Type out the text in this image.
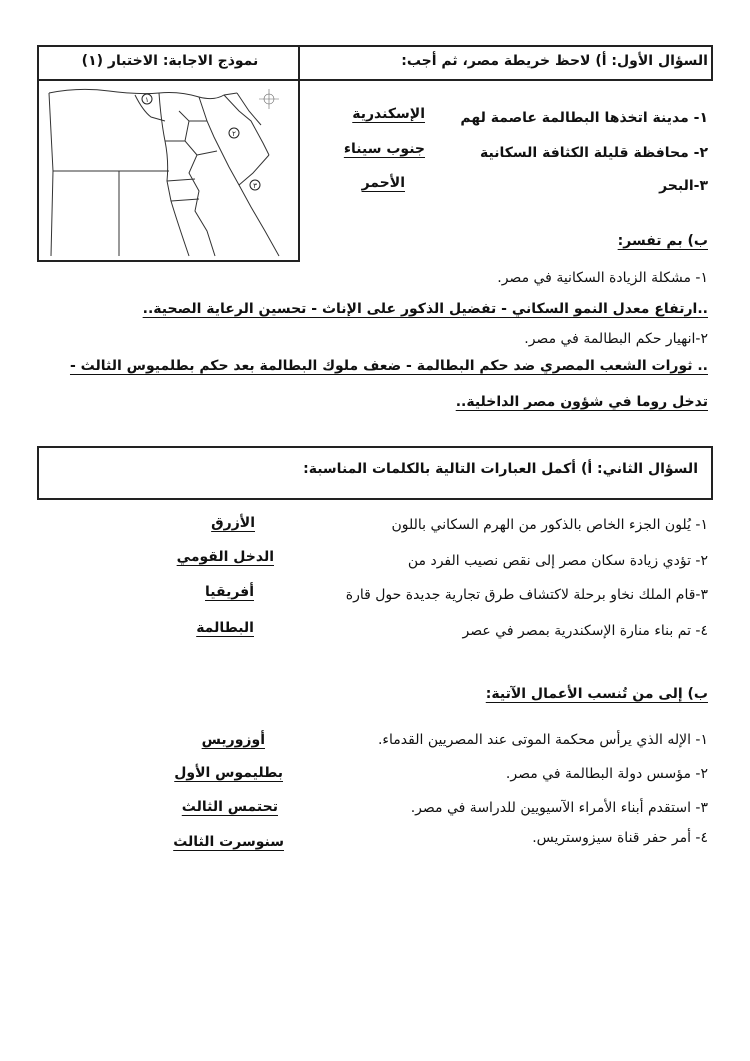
نموذج الاجابة: الاختبار (١)	السؤال الأول: أ) لاحظ خريطة مصر، ثم أجب:
١
٢
٣
١- مدينة اتخذها البطالمة عاصمة لهم
الإسكندرية
٢- محافظة قليلة الكثافة السكانية
جنوب سيناء
٣-البحر
الأحمر
ب) بم تفسر:
١- مشكلة الزيادة السكانية في مصر.
..ارتفاع معدل النمو السكاني - تفضيل الذكور على الإناث - تحسين الرعاية الصحية..
٢-انهيار حكم البطالمة في مصر.
.. ثورات الشعب المصري ضد حكم البطالمة - ضعف ملوك البطالمة بعد حكم بطلميوس الثالث -
تدخل روما في شؤون مصر الداخلية..
السؤال الثاني: أ) أكمل العبارات التالية بالكلمات المناسبة:
١- يُلون الجزء الخاص بالذكور من الهرم السكاني باللون
الأزرق
٢- تؤدي زيادة سكان مصر إلى نقص نصيب الفرد من
الدخل القومي
٣-قام الملك نخاو برحلة لاكتشاف طرق تجارية جديدة حول قارة
أفريقيا
٤- تم بناء منارة الإسكندرية بمصر في عصر
البطالمة
ب) إلى من تُنسب الأعمال الآتية:
١- الإله الذي يرأس محكمة الموتى عند المصريين القدماء.
أوزوريس
٢- مؤسس دولة البطالمة في مصر.
بطليموس الأول
٣- استقدم أبناء الأمراء الآسيويين للدراسة في مصر.
تحتمس الثالث
٤- أمر حفر قناة سيزوستريس.
سنوسرت الثالث
